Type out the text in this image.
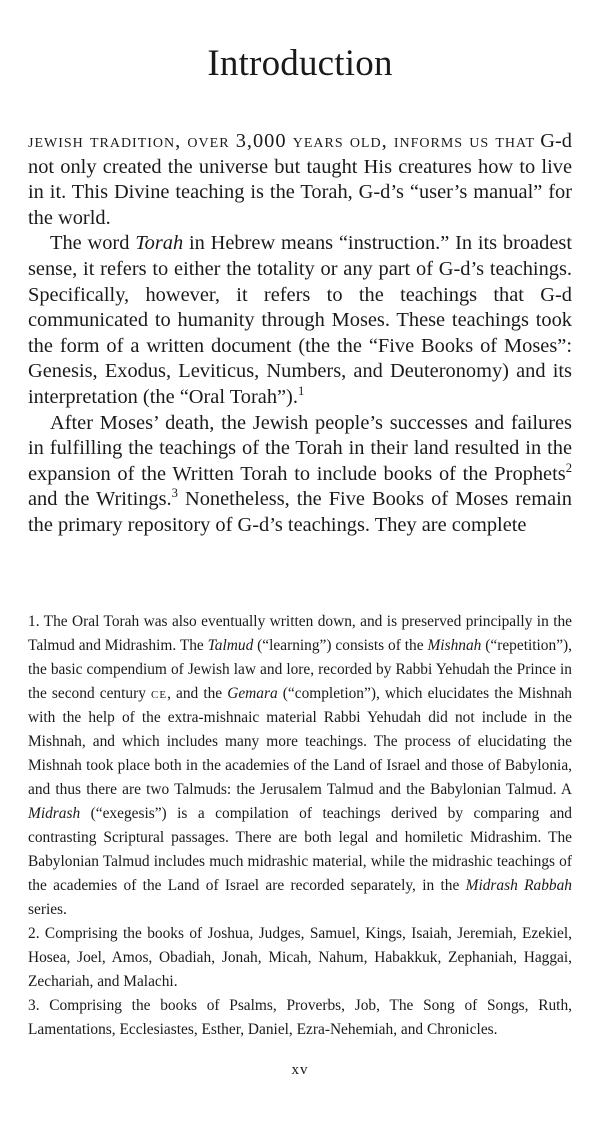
Introduction

jewish tradition, over 3,000 years old, informs us that G-d not only created the universe but taught His creatures how to live in it. This Divine teaching is the Torah, G-d’s “user’s manual” for the world.

The word Torah in Hebrew means “instruction.” In its broadest sense, it refers to either the totality or any part of G-d’s teachings. Specifically, however, it refers to the teachings that G-d communicated to humanity through Moses. These teachings took the form of a written document (the the “Five Books of Moses”: Genesis, Exodus, Leviticus, Numbers, and Deuteronomy) and its interpretation (the “Oral Torah”).$^1$

After Moses’ death, the Jewish people’s successes and failures in fulfilling the teachings of the Torah in their land resulted in the expansion of the Written Torah to include books of the Prophets$^2$ and the Writings.$^3$ Nonetheless, the Five Books of Moses remain the primary repository of G-d’s teachings. They are complete

1. The Oral Torah was also eventually written down, and is preserved principally in the Talmud and Midrashim. The Talmud (“learning”) consists of the Mishnah (“repetition”), the basic compendium of Jewish law and lore, recorded by Rabbi Yehudah the Prince in the second century ce, and the Gemara (“completion”), which elucidates the Mishnah with the help of the extra-mishnaic material Rabbi Yehudah did not include in the Mishnah, and which includes many more teachings. The process of elucidating the Mishnah took place both in the academies of the Land of Israel and those of Babylonia, and thus there are two Talmuds: the Jerusalem Talmud and the Babylonian Talmud. A Midrash (“exegesis”) is a compilation of teachings derived by comparing and contrasting Scriptural passages. There are both legal and homiletic Midrashim. The Babylonian Talmud includes much midrashic material, while the midrashic teachings of the academies of the Land of Israel are recorded separately, in the Midrash Rabbah series.

2. Comprising the books of Joshua, Judges, Samuel, Kings, Isaiah, Jeremiah, Ezekiel, Hosea, Joel, Amos, Obadiah, Jonah, Micah, Nahum, Habakkuk, Zephaniah, Haggai, Zechariah, and Malachi.

3. Comprising the books of Psalms, Proverbs, Job, The Song of Songs, Ruth, Lamentations, Ecclesiastes, Esther, Daniel, Ezra-Nehemiah, and Chronicles.

xv
